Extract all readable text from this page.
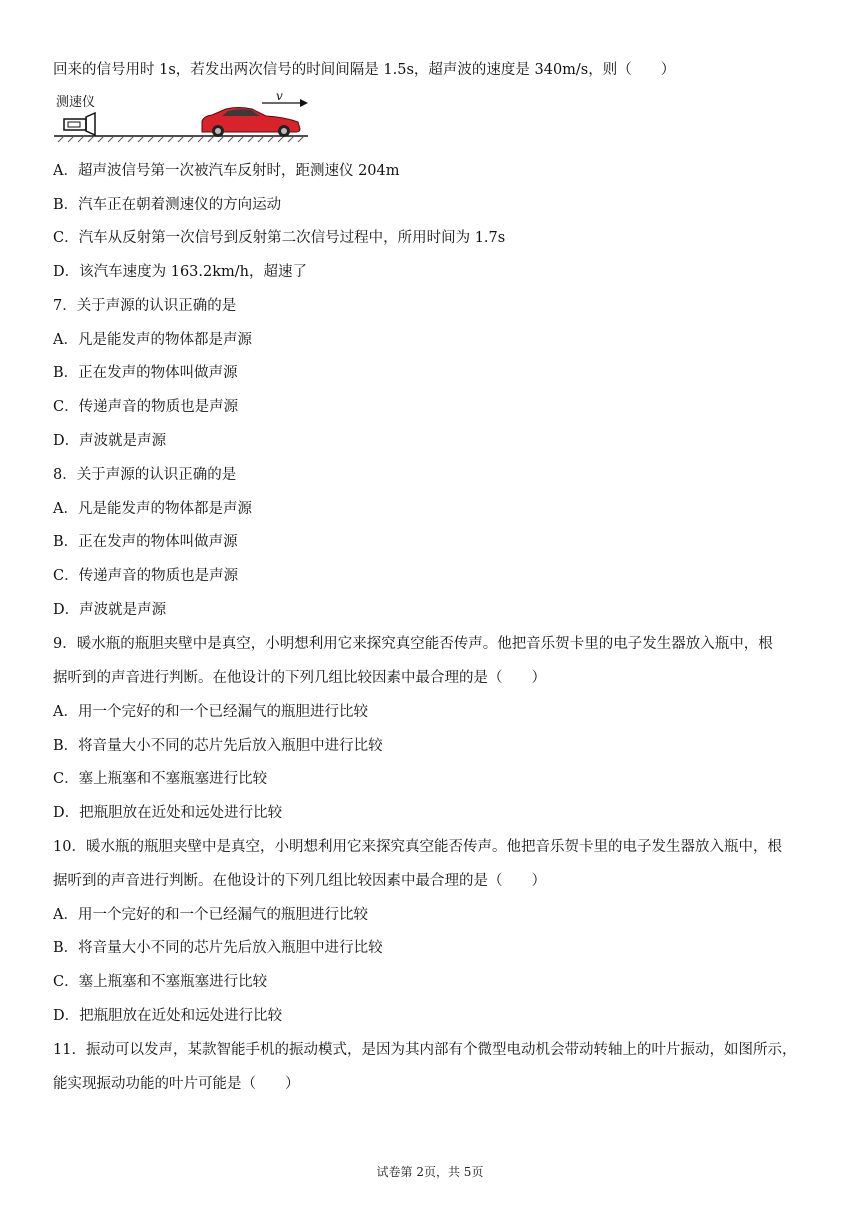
回来的信号用时 1s，若发出两次信号的时间间隔是 1.5s，超声波的速度是 340m/s，则（　　）
测速仪	v
A．超声波信号第一次被汽车反射时，距测速仪 204m
B．汽车正在朝着测速仪的方向运动
C．汽车从反射第一次信号到反射第二次信号过程中，所用时间为 1.7s
D．该汽车速度为 163.2km/h，超速了
7．关于声源的认识正确的是
A．凡是能发声的物体都是声源
B．正在发声的物体叫做声源
C．传递声音的物质也是声源
D．声波就是声源
8．关于声源的认识正确的是
A．凡是能发声的物体都是声源
B．正在发声的物体叫做声源
C．传递声音的物质也是声源
D．声波就是声源
9．暖水瓶的瓶胆夹壁中是真空，小明想利用它来探究真空能否传声。他把音乐贺卡里的电子发生器放入瓶中，根
据听到的声音进行判断。在他设计的下列几组比较因素中最合理的是（　　）
A．用一个完好的和一个已经漏气的瓶胆进行比较
B．将音量大小不同的芯片先后放入瓶胆中进行比较
C．塞上瓶塞和不塞瓶塞进行比较
D．把瓶胆放在近处和远处进行比较
10．暖水瓶的瓶胆夹壁中是真空，小明想利用它来探究真空能否传声。他把音乐贺卡里的电子发生器放入瓶中，根
据听到的声音进行判断。在他设计的下列几组比较因素中最合理的是（　　）
A．用一个完好的和一个已经漏气的瓶胆进行比较
B．将音量大小不同的芯片先后放入瓶胆中进行比较
C．塞上瓶塞和不塞瓶塞进行比较
D．把瓶胆放在近处和远处进行比较
11．振动可以发声，某款智能手机的振动模式，是因为其内部有个微型电动机会带动转轴上的叶片振动，如图所示，
能实现振动功能的叶片可能是（　　）
试卷第 2页，共 5页
